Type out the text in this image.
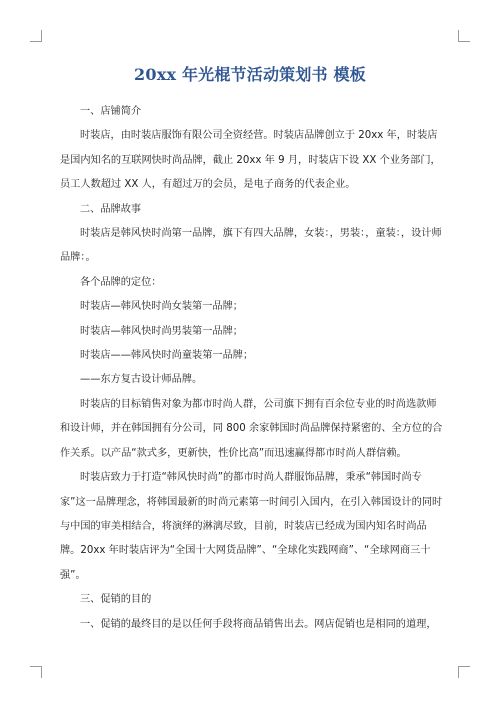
20xx 年光棍节活动策划书 模板

一、店铺简介

时装店，由时装店服饰有限公司全资经营。时装店品牌创立于 20xx 年，时装店是国内知名的互联网快时尚品牌，截止 20xx 年 9 月，时装店下设 XX 个业务部门，员工人数超过 XX 人，有超过万的会员，是电子商务的代表企业。

二、品牌故事

时装店是韩风快时尚第一品牌，旗下有四大品牌，女装：，男装：，童装：，设计师品牌：。

各个品牌的定位：

时装店—韩风快时尚女装第一品牌；

时装店—韩风快时尚男装第一品牌；

时装店——韩风快时尚童装第一品牌；

——东方复古设计师品牌。

时装店的目标销售对象为都市时尚人群，公司旗下拥有百余位专业的时尚选款师和设计师，并在韩国拥有分公司，同 800 余家韩国时尚品牌保持紧密的、全方位的合作关系。以产品“款式多，更新快，性价比高”而迅速赢得都市时尚人群信赖。

时装店致力于打造“韩风快时尚”的都市时尚人群服饰品牌，秉承“韩国时尚专家”这一品牌理念，将韩国最新的时尚元素第一时间引入国内，在引入韩国设计的同时与中国的审美相结合，将演绎的淋漓尽致，目前，时装店已经成为国内知名时尚品牌。20xx 年时装店评为“全国十大网货品牌”、“全球化实践网商”、“全球网商三十强”。

三、促销的目的

一、促销的最终目的是以任何手段将商品销售出去。网店促销也是相同的道理，
